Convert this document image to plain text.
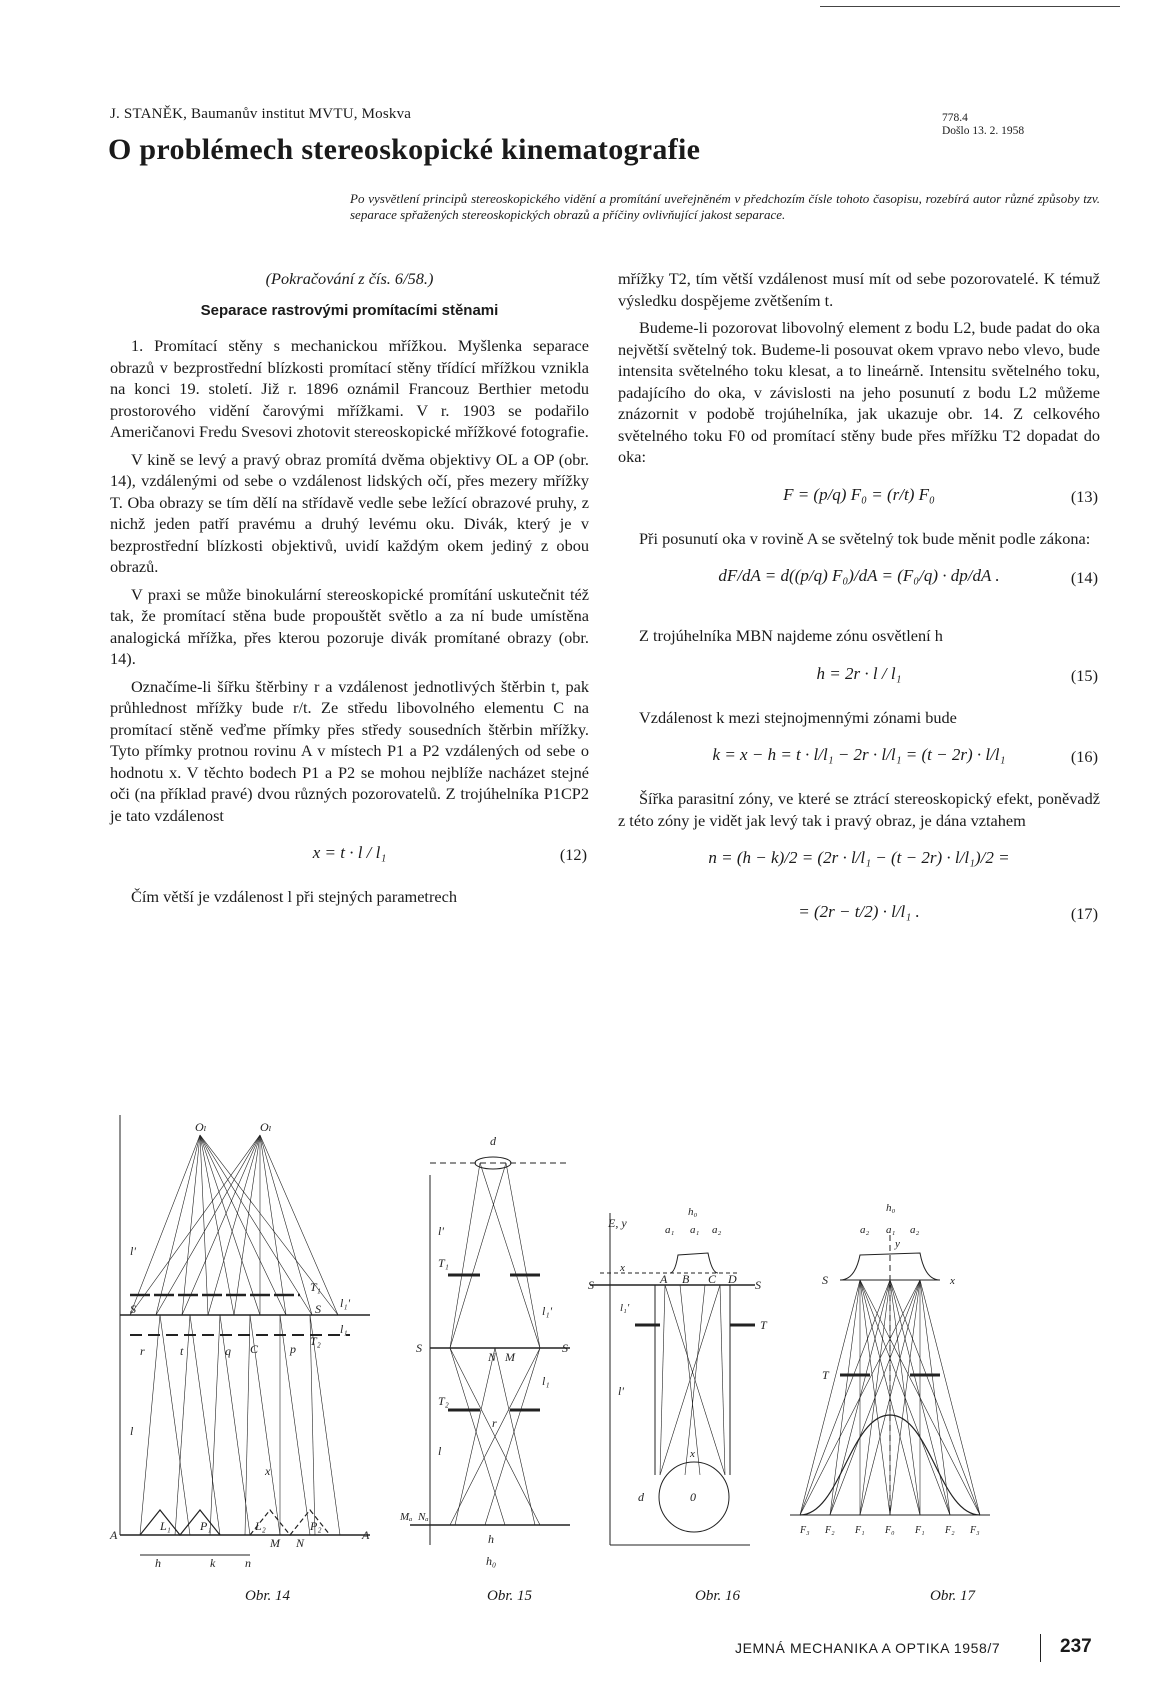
J. STANĚK, Baumanův institut MVTU, Moskva
O problémech stereoskopické kinematografie
778.4
Došlo 13. 2. 1958
Po vysvětlení principů stereoskopického vidění a promítání uveřejněném v předchozím čísle tohoto časopisu, rozebírá autor různé způsoby tzv. separace spřažených stereoskopických obrazů a příčiny ovlivňující jakost separace.
(Pokračování z čís. 6/58.)
Separace rastrovými promítacími stěnami

1. Promítací stěny s mechanickou mřížkou. Myšlenka separace obrazů v bezprostřední blízkosti promítací stěny třídící mřížkou vznikla na konci 19. století. Již r. 1896 oznámil Francouz Berthier metodu prostorového vidění čarovými mřížkami. V r. 1903 se podařilo Američanovi Fredu Svesovi zhotovit stereoskopické mřížkové fotografie.

V kině se levý a pravý obraz promítá dvěma objektivy OL a OP (obr. 14), vzdálenými od sebe o vzdálenost lidských očí, přes mezery mřížky T. Oba obrazy se tím dělí na střídavě vedle sebe ležící obrazové pruhy, z nichž jeden patří pravému a druhý levému oku. Divák, který je v bezprostřední blízkosti objektivů, uvidí každým okem jediný z obou obrazů.

V praxi se může binokulární stereoskopické promítání uskutečnit též tak, že promítací stěna bude propouštět světlo a za ní bude umístěna analogická mřížka, přes kterou pozoruje divák promítané obrazy (obr. 14).

Označíme-li šířku štěrbiny r a vzdálenost jednotlivých štěrbin t, pak průhlednost mřížky bude r/t. Ze středu libovolného elementu C na promítací stěně veďme přímky přes středy sousedních štěrbin mřížky. Tyto přímky protnou rovinu A v místech P1 a P2 vzdálených od sebe o hodnotu x. V těchto bodech P1 a P2 se mohou nejblíže nacházet stejné oči (na příklad pravé) dvou různých pozorovatelů. Z trojúhelníka P1CP2 je tato vzdálenost

x = t · l / l₁	(12)

Čím větší je vzdálenost l při stejných parametrech

mřížky T2, tím větší vzdálenost musí mít od sebe pozorovatelé. K témuž výsledku dospějeme zvětšením t.

Budeme-li pozorovat libovolný element z bodu L2, bude padat do oka největší světelný tok. Budeme-li posouvat okem vpravo nebo vlevo, bude intensita světelného toku klesat, a to lineárně. Intensitu světelného toku, padajícího do oka, v závislosti na jeho posunutí z bodu L2 můžeme znázornit v podobě trojúhelníka, jak ukazuje obr. 14. Z celkového světelného toku F0 od promítací stěny bude přes mřížku T2 dopadat do oka:

F = (p/q) F₀ = (r/t) F₀	(13)

Při posunutí oka v rovině A se světelný tok bude měnit podle zákona:

dF/dA = d((p/q) F₀)/dA = (F₀/q) · dp/dA .	(14)

Z trojúhelníka MBN najdeme zónu osvětlení h

h = 2r · l / l₁	(15)

Vzdálenost k mezi stejnojmennými zónami bude

k = x − h = t · l/l₁ − 2r · l/l₁ = (t − 2r) · l/l₁	(16)

Šířka parasitní zóny, ve které se ztrácí stereoskopický efekt, poněvadž z této zóny je vidět jak levý tak i pravý obraz, je dána vztahem

n = (h − k)/2 = (2r · l/l₁ − (t − 2r) · l/l₁)/2 =
= (2r − t/2) · l/l₁ .	(17)
Oₗ	Oₗ
l'
T₁
l₁'
S	S
r	t	q C	p
T₂
l₁
l
x
L₁ P₁	L₂	P₂
A	A
h	k n
M N
d
l'
T₁
l₁'
S	S
N M
l₁
T₂
r
l
Mₐ Nₐ
h
h₀
E, y
h₀
a₁ a₁ a₂
x
S	A B C D S
l₁'
T
l'
x
d	0
h₀
a₂ a₁ a₂
y
S	x
T
F₃ F₂ F₁ F₀ F₁ F₂ F₃
Obr. 14	Obr. 15	Obr. 16	Obr. 17
JEMNÁ MECHANIKA A OPTIKA 1958/7	237
